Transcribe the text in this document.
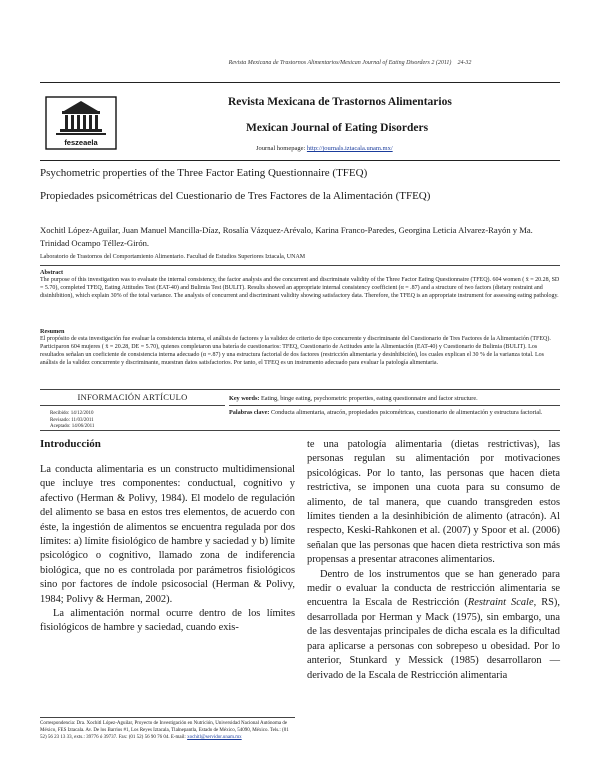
Revista Mexicana de Trastornos Alimentarios/Mexican Journal of Eating Disorders 2 (2011) 24-32
feszeaela
Revista Mexicana de Trastornos Alimentarios
Mexican Journal of Eating Disorders
Journal homepage: http://journals.iztacala.unam.mx/
Psychometric properties of the Three Factor Eating Questionnaire (TFEQ)
Propiedades psicométricas del Cuestionario de Tres Factores de la Alimentación (TFEQ)
Xochitl López-Aguilar, Juan Manuel Mancilla-Díaz, Rosalía Vázquez-Arévalo, Karina Franco-Paredes, Georgina Leticia Alvarez-Rayón y Ma. Trinidad Ocampo Téllez-Girón.
Laboratorio de Trastornos del Comportamiento Alimentario. Facultad de Estudios Superiores Iztacala, UNAM
Abstract
The purpose of this investigation was to evaluate the internal consistency, the factor analysis and the concurrent and discriminate validity of the Three Factor Eating Questionnaire (TFEQ). 604 women ( x̄ = 20.28, SD = 5.70), completed TFEQ, Eating Attitudes Test (EAT-40) and Bulimia Test (BULIT). Results showed an appropriate internal consistency coefficient (α = .87) and a structure of two factors (dietary restraint and disinhibition), which explain 30% of the total variance. The analysis of concurrent and discriminant validity showing satisfactory data. Therefore, the TFEQ is an appropriate instrument for assessing eating pathology.
Resumen
El propósito de esta investigación fue evaluar la consistencia interna, el análisis de factores y la validez de criterio de tipo concurrente y discriminante del Cuestionario de Tres Factores de la Alimentación (TFEQ). Participaron 604 mujeres ( x̄ = 20.28, DE = 5.70), quienes completaron una batería de cuestionarios: TFEQ, Cuestionario de Actitudes ante la Alimentación (EAT-40) y Cuestionario de Bulimia (BULIT). Los resultados señalan un coeficiente de consistencia interna adecuado (α =.87) y una estructura factorial de dos factores (restricción alimentaria y desinhibición), los cuales explican el 30 % de la varianza total. Los análisis de la validez concurrente y discriminante, muestran datos satisfactorios. Por tanto, el TFEQ es un instrumento adecuado para evaluar la patología alimentaria.
INFORMACIÓN ARTÍCULO
Recibido: 14/12/2010
Revisado: 11/03/2011
Aceptado: 14/06/2011
Key words: Eating, binge eating, psychometric properties, eating questionnaire and factor structure.
Palabras clave: Conducta alimentaria, atracón, propiedades psicométricas, cuestionario de alimentación y estructura factorial.
Introducción

La conducta alimentaria es un constructo multidimensional que incluye tres componentes: conductual, cognitivo y afectivo (Herman & Polivy, 1984). El modelo de regulación del alimento se basa en estos tres elementos, de acuerdo con éste, la ingestión de alimentos se encuentra regulada por dos límites: a) límite fisiológico de hambre y saciedad y b) límite psicológico o cognitivo, llamado zona de indiferencia biológica, que no es controlada por parámetros fisiológicos sino por factores de índole psicosocial (Herman & Polivy, 1984; Polivy & Herman, 2002).

La alimentación normal ocurre dentro de los límites fisiológicos de hambre y saciedad, cuando exis-

te una patología alimentaria (dietas restrictivas), las personas regulan su alimentación por motivaciones psicológicas. Por lo tanto, las personas que hacen dieta restrictiva, se imponen una cuota para su consumo de alimento, de tal manera, que cuando transgreden estos límites tienden a la desinhibición de alimento (atracón). Al respecto, Keski-Rahkonen et al. (2007) y Spoor et al. (2006) señalan que las personas que hacen dieta restrictiva son más propensas a presentar atracones alimentarios.

Dentro de los instrumentos que se han generado para medir o evaluar la conducta de restricción alimentaria se encuentra la Escala de Restricción (Restraint Scale, RS), desarrollada por Herman y Mack (1975), sin embargo, una de las desventajas principales de dicha escala es la dificultad para aplicarse a personas con sobrepeso u obesidad. Por lo anterior, Stunkard y Messick (1985) desarrollaron —derivado de la Escala de Restricción alimentaria

Correspondencia: Dra. Xochitl López-Aguilar, Proyecto de Investigación en Nutrición, Universidad Nacional Autónoma de México, FES Iztacala. Av. De los Barrios #1, Los Reyes Iztacala, Tlalnepantla, Estado de México, 54090, México. Tels.: (01 52) 56 23 13 33, exts.: 39776 ó 39737. Fax: (01 52) 56 90 76 04. E-mail: xochitl@servidor.unam.mx
